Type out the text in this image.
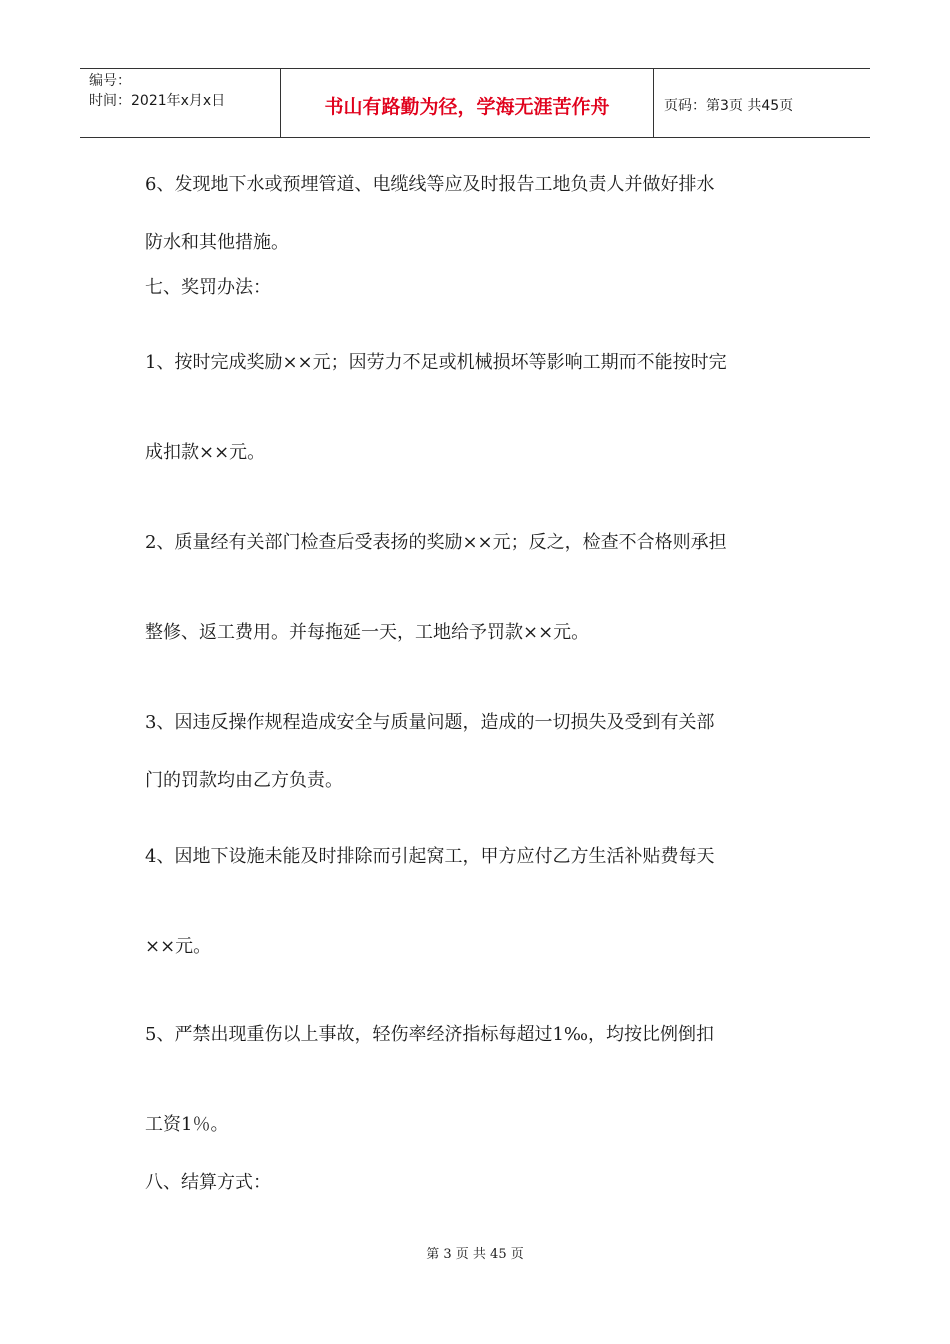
编号：
时间：2021年x月x日	书山有路勤为径，学海无涯苦作舟	页码：第3页 共45页
6、发现地下水或预埋管道、电缆线等应及时报告工地负责人并做好排水
防水和其他措施。
七、奖罚办法：
1、按时完成奖励××元；因劳力不足或机械损坏等影响工期而不能按时完
成扣款××元。
2、质量经有关部门检查后受表扬的奖励××元；反之，检查不合格则承担
整修、返工费用。并每拖延一天，工地给予罚款××元。
3、因违反操作规程造成安全与质量问题，造成的一切损失及受到有关部
门的罚款均由乙方负责。
4、因地下设施未能及时排除而引起窝工，甲方应付乙方生活补贴费每天
××元。
5、严禁出现重伤以上事故，轻伤率经济指标每超过1‰，均按比例倒扣
工资1％。
八、结算方式：
第 3 页 共 45 页
